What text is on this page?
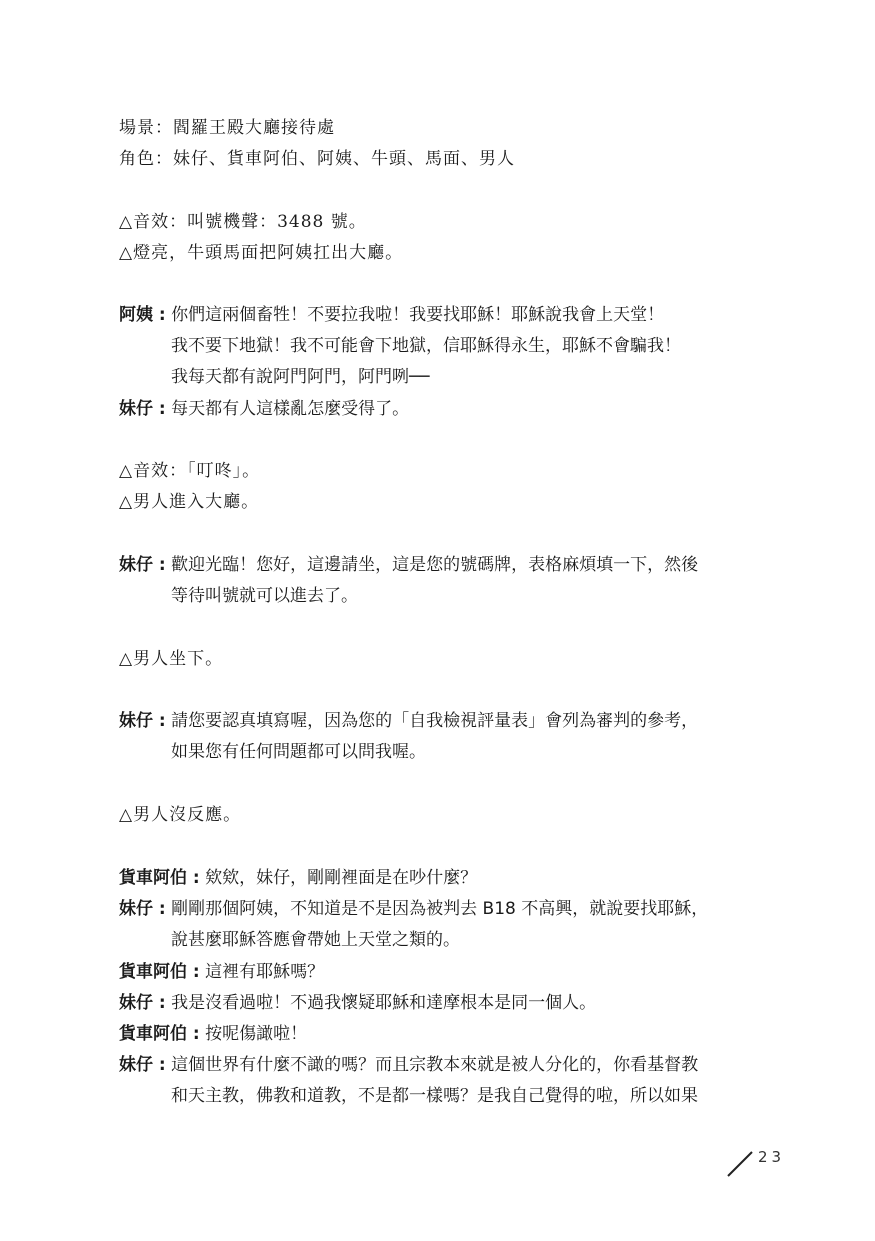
場景：閻羅王殿大廳接待處
角色：妹仔、貨車阿伯、阿姨、牛頭、馬面、男人
△音效：叫號機聲：3488 號。
△燈亮，牛頭馬面把阿姨扛出大廳。
阿姨 : 你們這兩個畜牲！不要拉我啦！我要找耶穌！耶穌說我會上天堂！
我不要下地獄！我不可能會下地獄，信耶穌得永生，耶穌不會騙我！
我每天都有說阿門阿門，阿門咧──
妹仔 : 每天都有人這樣亂怎麼受得了。
△音效：「叮咚」。
△男人進入大廳。
妹仔 : 歡迎光臨！您好，這邊請坐，這是您的號碼牌，表格麻煩填一下，然後
等待叫號就可以進去了。
△男人坐下。
妹仔 : 請您要認真填寫喔，因為您的「自我檢視評量表」會列為審判的參考，
如果您有任何問題都可以問我喔。
△男人沒反應。
貨車阿伯 : 欸欸，妹仔，剛剛裡面是在吵什麼？
妹仔 : 剛剛那個阿姨，不知道是不是因為被判去 B18 不高興，就說要找耶穌，
說甚麼耶穌答應會帶她上天堂之類的。
貨車阿伯 : 這裡有耶穌嗎？
妹仔 : 我是沒看過啦！不過我懷疑耶穌和達摩根本是同一個人。
貨車阿伯 : 按呢傷譀啦！
妹仔 : 這個世界有什麼不譀的嗎？而且宗教本來就是被人分化的，你看基督教
和天主教，佛教和道教，不是都一樣嗎？是我自己覺得的啦，所以如果
23
